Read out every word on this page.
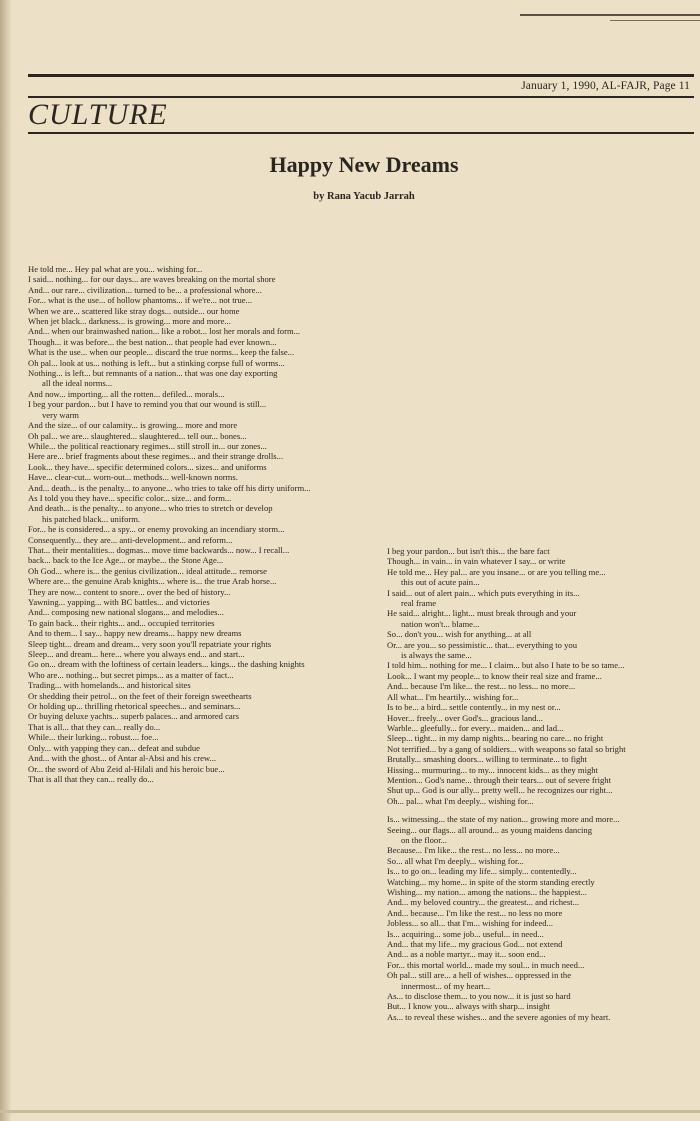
January 1, 1990, AL-FAJR, Page 11
CULTURE
Happy New Dreams
by Rana Yacub Jarrah
He told me... Hey pal what are you... wishing for...
I said... nothing... for our days... are waves breaking on the mortal shore
And... our rare... civilization... turned to be... a professional whore...
For... what is the use... of hollow phantoms... if we're... not true...
When we are... scattered like stray dogs... outside... our home
When jet black... darkness... is growing... more and more...
And... when our brainwashed nation... like a robot... lost her morals and form...
Though... it was before... the best nation... that people had ever known...
What is the use... when our people... discard the true norms... keep the false...
Oh pal... look at us... nothing is left... but a stinking corpse full of worms...
Nothing... is left... but remnants of a nation... that was one day exporting
all the ideal norms...
And now... importing... all the rotten... defiled... morals...
I beg your pardon... but I have to remind you that our wound is still...
very warm
And the size... of our calamity... is growing... more and more
Oh pal... we are... slaughtered... slaughtered... tell our... bones...
While... the political reactionary regimes... still stroll in... our zones...
Here are... brief fragments about these regimes... and their strange drolls...
Look... they have... specific determined colors... sizes... and uniforms
Have... clear-cut... worn-out... methods... well-known norms.
And... death... is the penalty... to anyone... who tries to take off his dirty uniform...
As I told you they have... specific color... size... and form...
And death... is the penalty... to anyone... who tries to stretch or develop
his patched black... uniform.
For... he is considered... a spy... or enemy provoking an incendiary storm...
Consequently... they are... anti-development... and reform...
That... their mentalities... dogmas... move time backwards... now... I recall...
back... back to the Ice Age... or maybe... the Stone Age...
Oh God... where is... the genius civilization... ideal attitude... remorse
Where are... the genuine Arab knights... where is... the true Arab horse...
They are now... content to snore... over the bed of history...
Yawning... yapping... with BC battles... and victories
And... composing new national slogans... and melodies...
To gain back... their rights... and... occupied territories
And to them... I say... happy new dreams... happy new dreams
Sleep tight... dream and dream... very soon you'll repatriate your rights
Sleep... and dream... here... where you always end... and start...
Go on... dream with the loftiness of certain leaders... kings... the dashing knights
Who are... nothing... but secret pimps... as a matter of fact...
Trading... with homelands... and historical sites
Or shedding their petrol... on the feet of their foreign sweethearts
Or holding up... thrilling rhetorical speeches... and seminars...
Or buying deluxe yachts... superb palaces... and armored cars
That is all... that they can... really do...
While... their lurking... robust.... foe...
Only... with yapping they can... defeat and subdue
And... with the ghost... of Antar al-Absi and his crew...
Or... the sword of Abu Zeid al-Hilali and his heroic bue...
That is all that they can... really do...
I beg your pardon... but isn't this... the bare fact
Though... in vain... in vain whatever I say... or write
He told me... Hey pal... are you insane... or are you telling me...
this out of acute pain...
I said... out of alert pain... which puts everything in its...
real frame
He said... alright... light... must break through and your
nation won't... blame...
So... don't you... wish for anything... at all
Or... are you... so pessimistic... that... everything to you
is always the same...
I told him... nothing for me... I claim... but also I hate to be so tame...
Look... I want my people... to know their real size and frame...
And... because I'm like... the rest... no less... no more...
All what... I'm heartily... wishing for...
Is to be... a bird... settle contently... in my nest or...
Hover... freely... over God's... gracious land...
Warble... gleefully... for every... maiden... and lad...
Sleep... tight... in my damp nights... bearing no care... no fright
Not terrified... by a gang of soldiers... with weapons so fatal so bright
Brutally... smashing doors... willing to terminate... to fight
Hissing... murmuring... to my... innocent kids... as they might
Mention... God's name... through their tears... out of severe fright
Shut up... God is our ally... pretty well... he recognizes our right...
Oh... pal... what I'm deeply... wishing for...
Is... witnessing... the state of my nation... growing more and more...
Seeing... our flags... all around... as young maidens dancing
on the floor...
Because... I'm like... the rest... no less... no more...
So... all what I'm deeply... wishing for...
Is... to go on... leading my life... simply... contentedly...
Watching... my home... in spite of the storm standing erectly
Wishing... my nation... among the nations... the happiest...
And... my beloved country... the greatest... and richest...
And... because... I'm like the rest... no less no more
Jobless... so all... that I'm... wishing for indeed...
Is... acquiring... some job... useful... in need...
And... that my life... my gracious God... not extend
And... as a noble martyr... may it... soon end...
For... this mortal world... made my soul... in much need...
Oh pal... still are... a hell of wishes... oppressed in the
innermost... of my heart...
As... to disclose them... to you now... it is just so hard
But... I know you... always with sharp... insight
As... to reveal these wishes... and the severe agonies of my heart.
